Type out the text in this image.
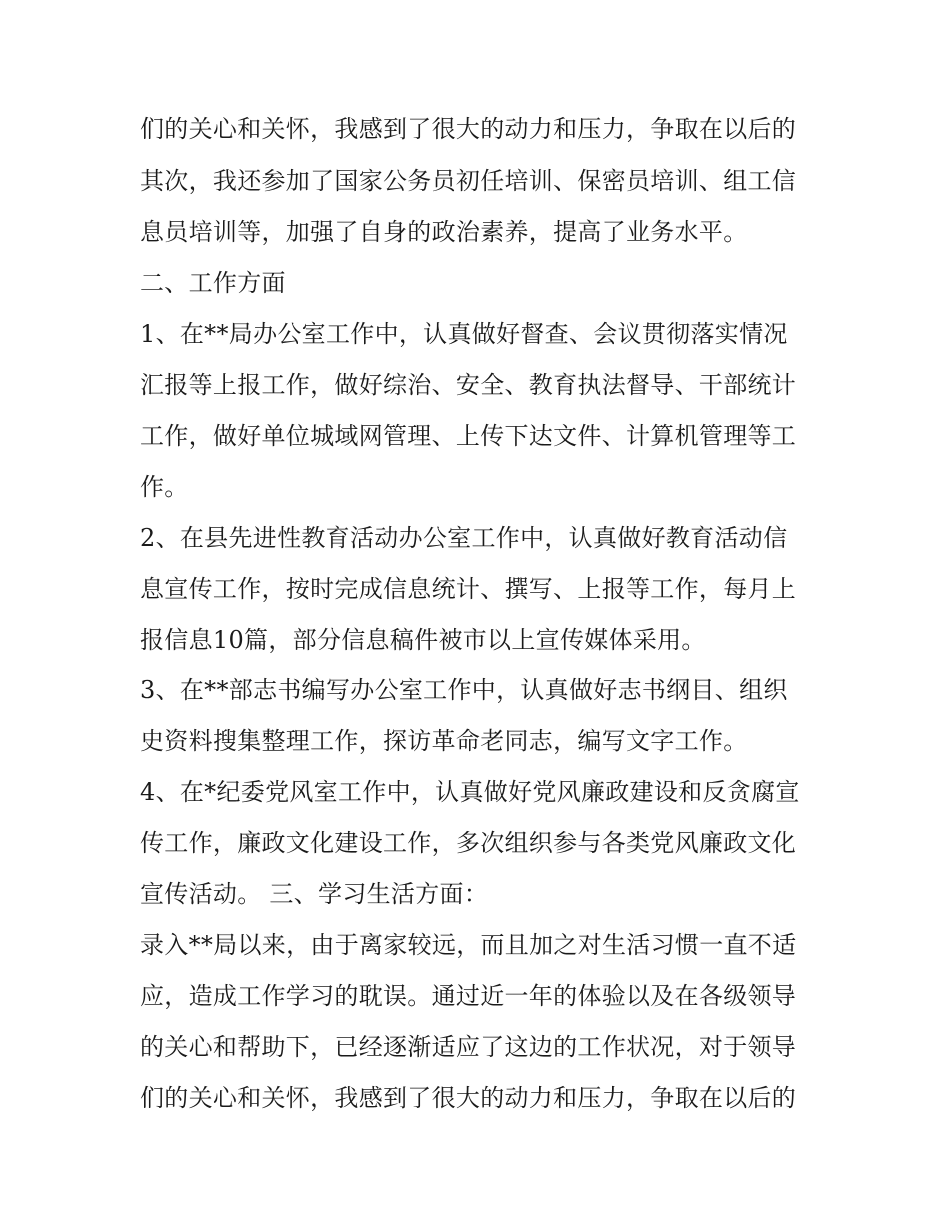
们的关心和关怀，我感到了很大的动力和压力，争取在以后的
其次，我还参加了国家公务员初任培训、保密员培训、组工信
息员培训等，加强了自身的政治素养，提高了业务水平。
二、工作方面
1、在**局办公室工作中，认真做好督查、会议贯彻落实情况
汇报等上报工作，做好综治、安全、教育执法督导、干部统计
工作，做好单位城域网管理、上传下达文件、计算机管理等工
作。
2、在县先进性教育活动办公室工作中，认真做好教育活动信
息宣传工作，按时完成信息统计、撰写、上报等工作，每月上
报信息10篇，部分信息稿件被市以上宣传媒体采用。
3、在**部志书编写办公室工作中，认真做好志书纲目、组织
史资料搜集整理工作，探访革命老同志，编写文字工作。
4、在*纪委党风室工作中，认真做好党风廉政建设和反贪腐宣
传工作，廉政文化建设工作，多次组织参与各类党风廉政文化
宣传活动。 三、学习生活方面：
录入**局以来，由于离家较远，而且加之对生活习惯一直不适
应，造成工作学习的耽误。通过近一年的体验以及在各级领导
的关心和帮助下，已经逐渐适应了这边的工作状况，对于领导
们的关心和关怀，我感到了很大的动力和压力，争取在以后的
